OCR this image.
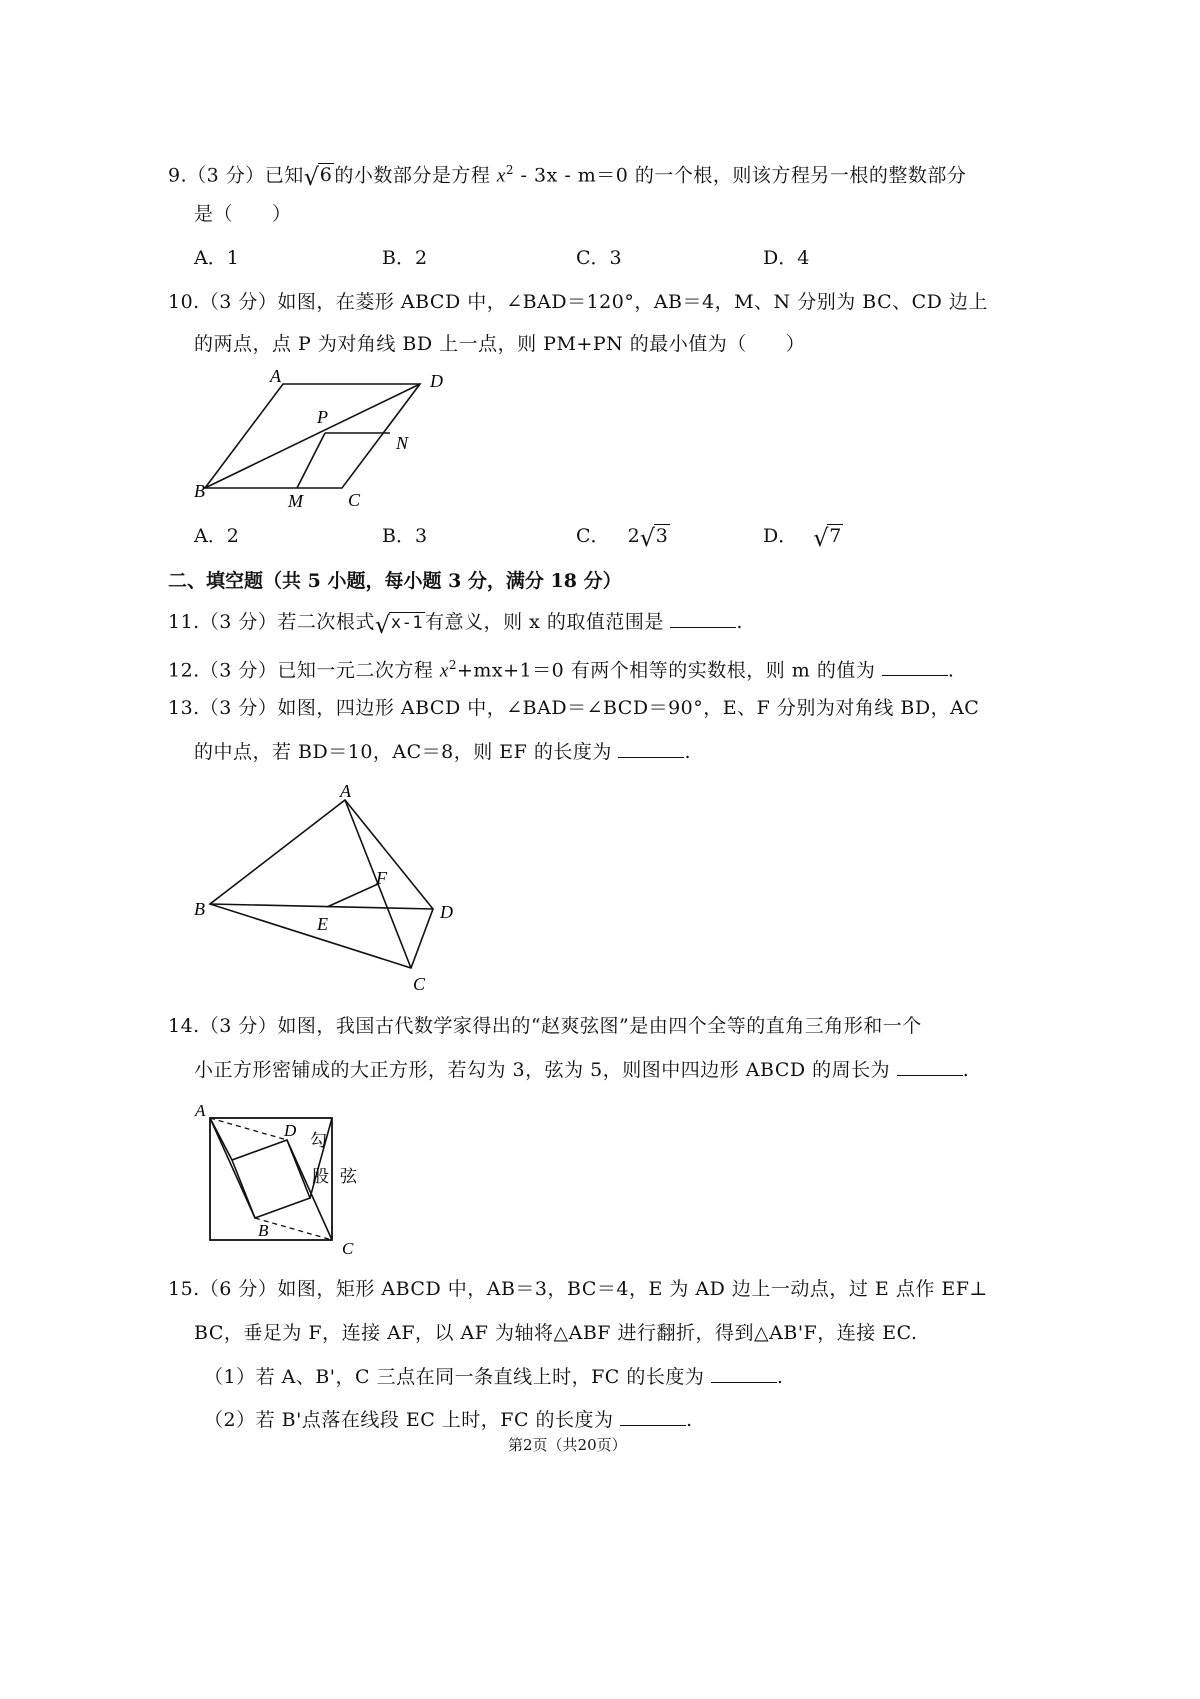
9.（3 分）已知 √ 6 的小数部分是方程 $x^2 - 3x - m=0$ 的一个根，则该方程另一根的整数部分
是（　　）
A．1	B．2	C．3	D．4
10.（3 分）如图，在菱形 ABCD 中，∠BAD＝120°，AB＝4，M、N 分别为 BC、CD 边上
的两点，点 P 为对角线 BD 上一点，则 PM+PN 的最小值为（　　）
A	D
P
N
B	M	C
A．2	B．3	C． 2 √ 3	D． √ 7
二、填空题（共 5 小题，每小题 3 分，满分 18 分）
11.（3 分）若二次根式 √ x-1 有意义，则 x 的取值范围是	.
12.（3 分）已知一元二次方程 $x^2+mx+1=0$ 有两个相等的实数根，则 m 的值为	.
13.（3 分）如图，四边形 ABCD 中，∠BAD＝∠BCD＝90°，E、F 分别为对角线 BD，AC
的中点，若 BD＝10，AC＝8，则 EF 的长度为	.
A
B	D
C
E
F
14.（3 分）如图，我国古代数学家得出的“赵爽弦图”是由四个全等的直角三角形和一个
小正方形密铺成的大正方形，若勾为 3，弦为 5，则图中四边形 ABCD 的周长为	.
A
D
B
C
勾
股 弦
15.（6 分）如图，矩形 ABCD 中，AB＝3，BC＝4，E 为 AD 边上一动点，过 E 点作 EF⊥
BC，垂足为 F，连接 AF，以 AF 为轴将△ABF 进行翻折，得到△AB'F，连接 EC.
（1）若 A、B'，C 三点在同一条直线上时，FC 的长度为	.
（2）若 B'点落在线段 EC 上时，FC 的长度为	.
第2页（共20页）
